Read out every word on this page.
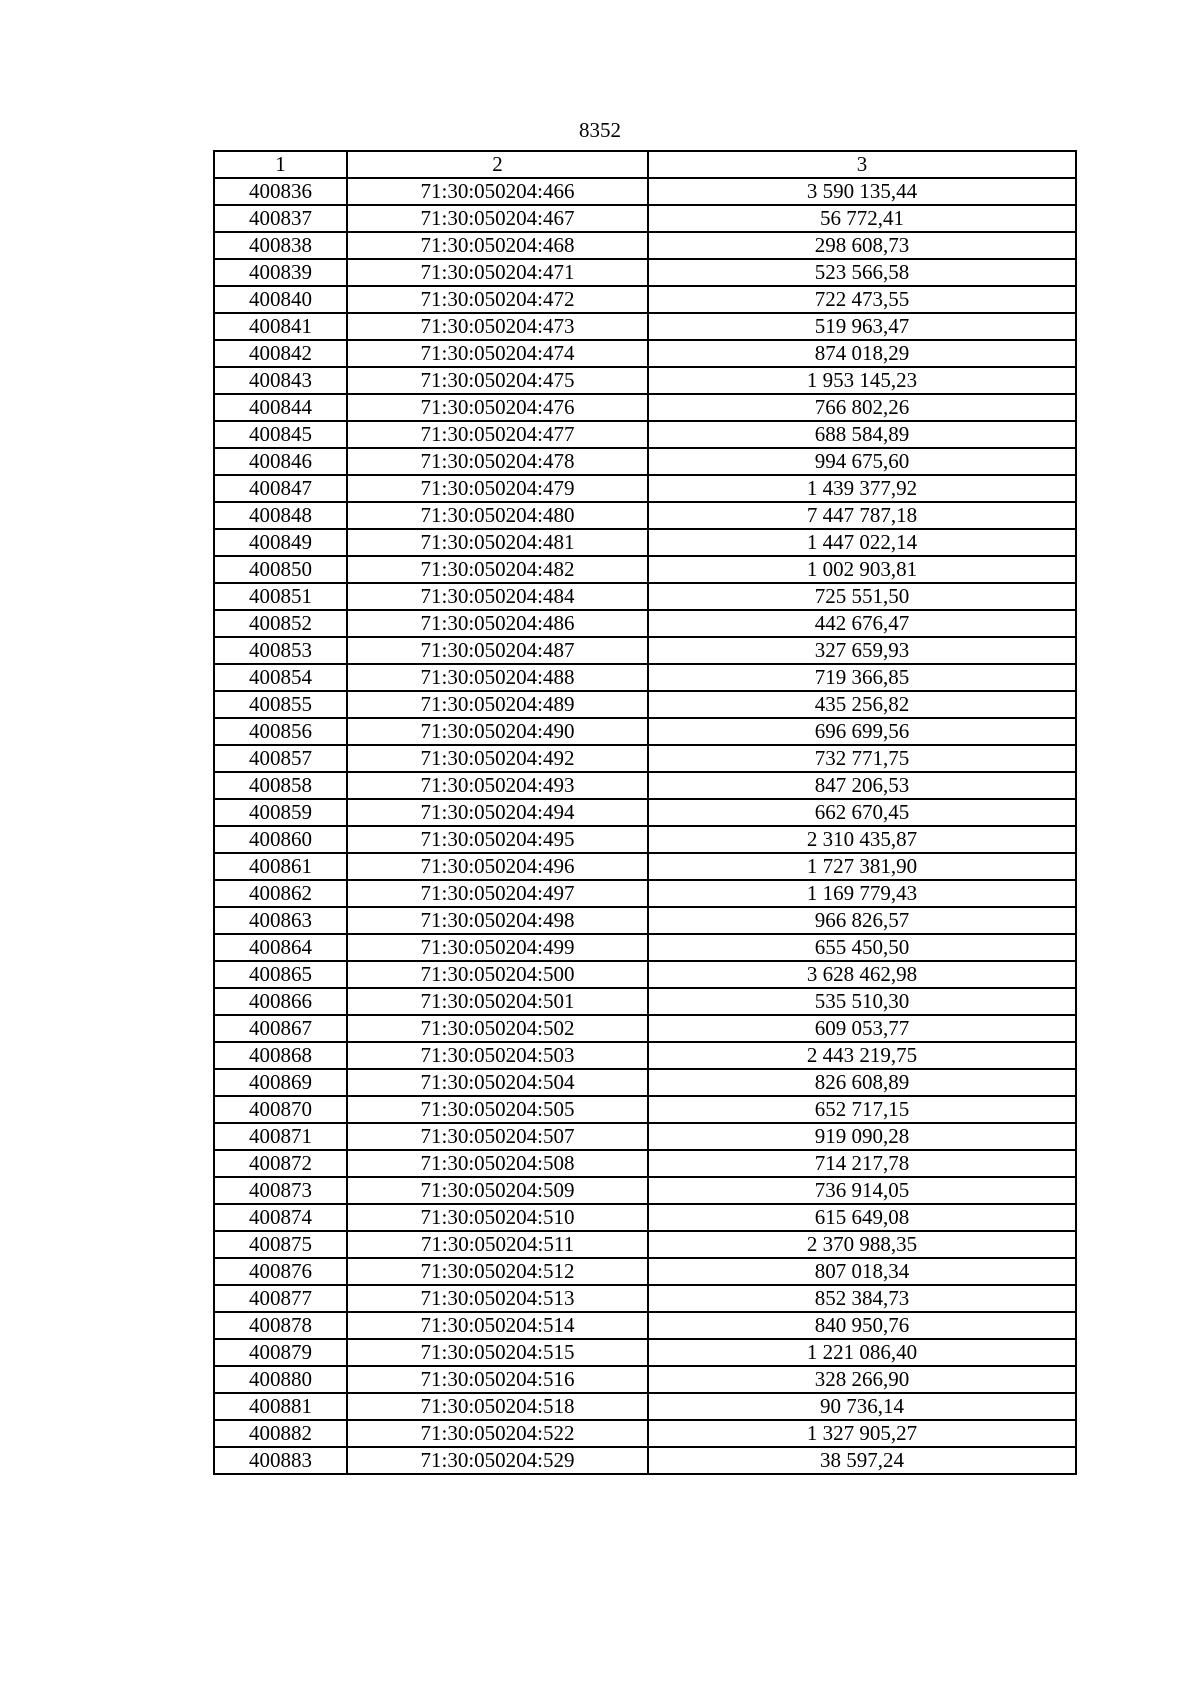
8352
1	2	3
400836	71:30:050204:466	3 590 135,44
400837	71:30:050204:467	56 772,41
400838	71:30:050204:468	298 608,73
400839	71:30:050204:471	523 566,58
400840	71:30:050204:472	722 473,55
400841	71:30:050204:473	519 963,47
400842	71:30:050204:474	874 018,29
400843	71:30:050204:475	1 953 145,23
400844	71:30:050204:476	766 802,26
400845	71:30:050204:477	688 584,89
400846	71:30:050204:478	994 675,60
400847	71:30:050204:479	1 439 377,92
400848	71:30:050204:480	7 447 787,18
400849	71:30:050204:481	1 447 022,14
400850	71:30:050204:482	1 002 903,81
400851	71:30:050204:484	725 551,50
400852	71:30:050204:486	442 676,47
400853	71:30:050204:487	327 659,93
400854	71:30:050204:488	719 366,85
400855	71:30:050204:489	435 256,82
400856	71:30:050204:490	696 699,56
400857	71:30:050204:492	732 771,75
400858	71:30:050204:493	847 206,53
400859	71:30:050204:494	662 670,45
400860	71:30:050204:495	2 310 435,87
400861	71:30:050204:496	1 727 381,90
400862	71:30:050204:497	1 169 779,43
400863	71:30:050204:498	966 826,57
400864	71:30:050204:499	655 450,50
400865	71:30:050204:500	3 628 462,98
400866	71:30:050204:501	535 510,30
400867	71:30:050204:502	609 053,77
400868	71:30:050204:503	2 443 219,75
400869	71:30:050204:504	826 608,89
400870	71:30:050204:505	652 717,15
400871	71:30:050204:507	919 090,28
400872	71:30:050204:508	714 217,78
400873	71:30:050204:509	736 914,05
400874	71:30:050204:510	615 649,08
400875	71:30:050204:511	2 370 988,35
400876	71:30:050204:512	807 018,34
400877	71:30:050204:513	852 384,73
400878	71:30:050204:514	840 950,76
400879	71:30:050204:515	1 221 086,40
400880	71:30:050204:516	328 266,90
400881	71:30:050204:518	90 736,14
400882	71:30:050204:522	1 327 905,27
400883	71:30:050204:529	38 597,24
